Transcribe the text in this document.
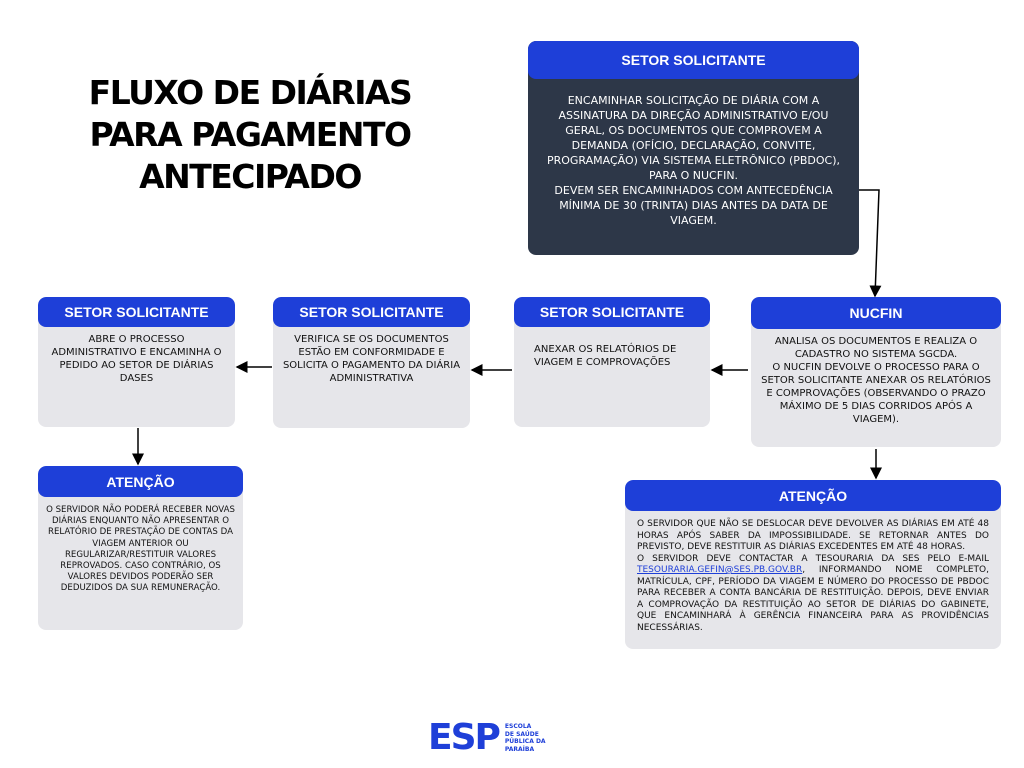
FLUXO DE DIÁRIAS
PARA PAGAMENTO
ANTECIPADO
SETOR SOLICITANTE
ENCAMINHAR SOLICITAÇÃO DE DIÁRIA COM A ASSINATURA DA DIREÇÃO ADMINISTRATIVO E/OU GERAL, OS DOCUMENTOS QUE COMPROVEM A DEMANDA (OFÍCIO, DECLARAÇÃO, CONVITE, PROGRAMAÇÃO) VIA SISTEMA ELETRÔNICO (PBDOC), PARA O NUCFIN.
DEVEM SER ENCAMINHADOS COM ANTECEDÊNCIA MÍNIMA DE 30 (TRINTA) DIAS ANTES DA DATA DE VIAGEM.
NUCFIN
ANALISA OS DOCUMENTOS E REALIZA O CADASTRO NO SISTEMA SGCDA.
O NUCFIN DEVOLVE O PROCESSO PARA O SETOR SOLICITANTE ANEXAR OS RELATÓRIOS E COMPROVAÇÕES (OBSERVANDO O PRAZO MÁXIMO DE 5 DIAS CORRIDOS APÓS A VIAGEM).
SETOR SOLICITANTE
ANEXAR OS RELATÓRIOS DE VIAGEM E COMPROVAÇÕES
SETOR SOLICITANTE
VERIFICA SE OS DOCUMENTOS ESTÃO EM CONFORMIDADE E SOLICITA O PAGAMENTO DA DIÁRIA ADMINISTRATIVA
SETOR SOLICITANTE
ABRE O PROCESSO ADMINISTRATIVO E ENCAMINHA O PEDIDO AO SETOR DE DIÁRIAS DASES
ATENÇÃO
O SERVIDOR NÃO PODERÁ RECEBER NOVAS DIÁRIAS ENQUANTO NÃO APRESENTAR O RELATÓRIO DE PRESTAÇÃO DE CONTAS DA VIAGEM ANTERIOR OU REGULARIZAR/RESTITUIR VALORES REPROVADOS. CASO CONTRÁRIO, OS VALORES DEVIDOS PODERÃO SER DEDUZIDOS DA SUA REMUNERAÇÃO.
ATENÇÃO
O SERVIDOR QUE NÃO SE DESLOCAR DEVE DEVOLVER AS DIÁRIAS EM ATÉ 48 HORAS APÓS SABER DA IMPOSSIBILIDADE. SE RETORNAR ANTES DO PREVISTO, DEVE RESTITUIR AS DIÁRIAS EXCEDENTES EM ATÉ 48 HORAS.
O SERVIDOR DEVE CONTACTAR A TESOURARIA DA SES PELO E-MAIL TESOURARIA.GEFIN@SES.PB.GOV.BR, INFORMANDO NOME COMPLETO, MATRÍCULA, CPF, PERÍODO DA VIAGEM E NÚMERO DO PROCESSO DE PBDOC PARA RECEBER A CONTA BANCÁRIA DE RESTITUIÇÃO. DEPOIS, DEVE ENVIAR A COMPROVAÇÃO DA RESTITUIÇÃO AO SETOR DE DIÁRIAS DO GABINETE, QUE ENCAMINHARÁ À GERÊNCIA FINANCEIRA PARA AS PROVIDÊNCIAS NECESSÁRIAS.
ESP ESCOLA
DE SAÚDE
PÚBLICA DA
PARAÍBA
